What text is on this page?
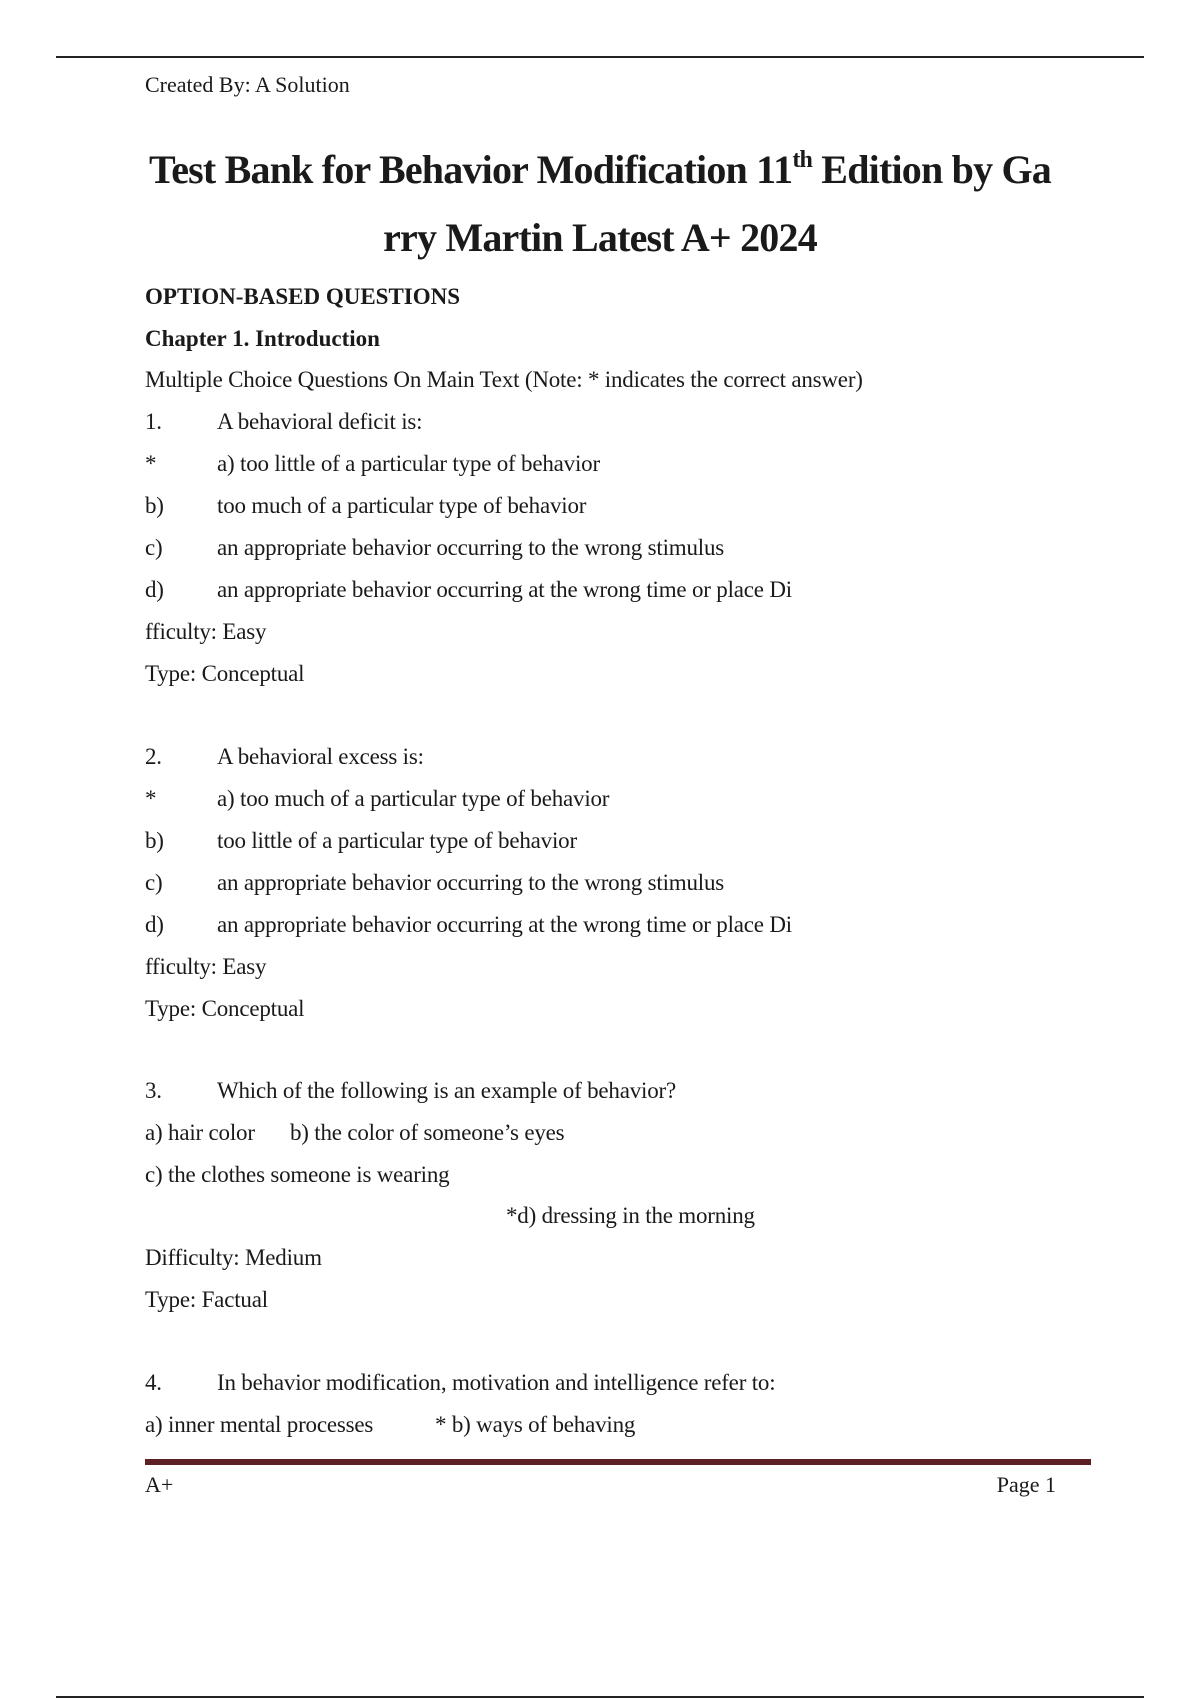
Created By: A Solution
Test Bank for Behavior Modification 11th Edition by Ga
rry Martin Latest A+ 2024
OPTION-BASED QUESTIONS
Chapter 1. Introduction
Multiple Choice Questions On Main Text (Note: * indicates the correct answer)
1. A behavioral deficit is:
*	a) too little of a particular type of behavior
b) too much of a particular type of behavior
c) an appropriate behavior occurring to the wrong stimulus
d) an appropriate behavior occurring at the wrong time or place Di
fficulty: Easy
Type: Conceptual
2. A behavioral excess is:
*	a) too much of a particular type of behavior
b) too little of a particular type of behavior
c) an appropriate behavior occurring to the wrong stimulus
d) an appropriate behavior occurring at the wrong time or place Di
fficulty: Easy
Type: Conceptual
3. Which of the following is an example of behavior?
a) hair color b) the color of someone’s eyes
c) the clothes someone is wearing
*d) dressing in the morning
Difficulty: Medium
Type: Factual
4. In behavior modification, motivation and intelligence refer to:
a) inner mental processes	* b) ways of behaving
A+	Page 1
